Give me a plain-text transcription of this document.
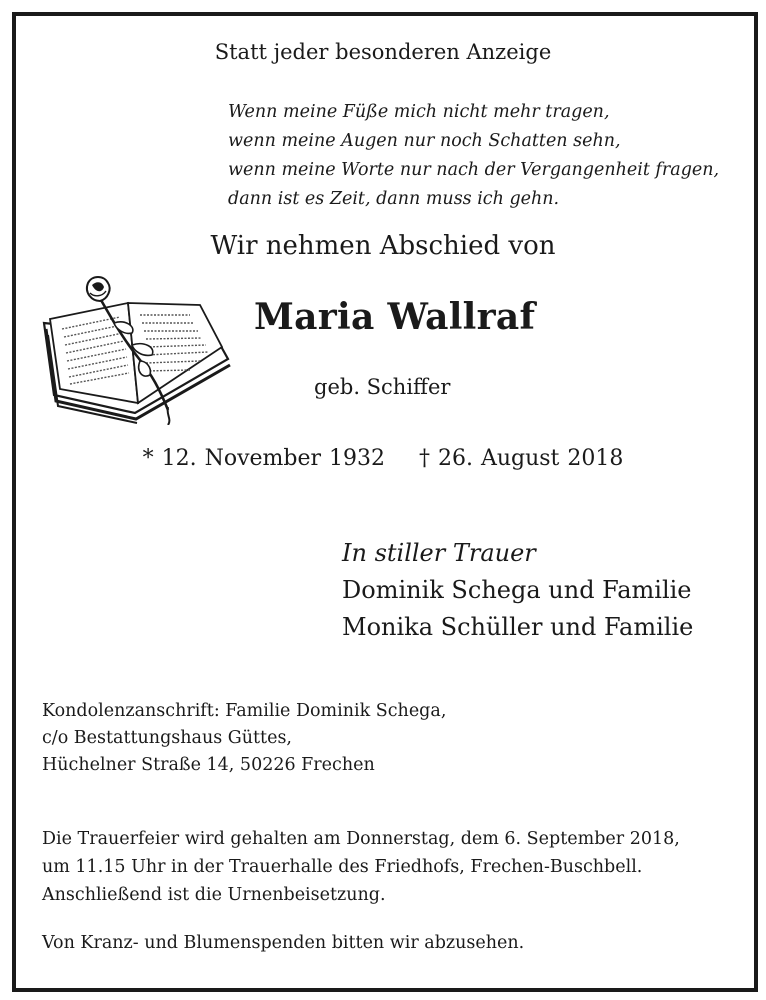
Statt jeder besonderen Anzeige

Wenn meine Füße mich nicht mehr tragen,
wenn meine Augen nur noch Schatten sehn,
wenn meine Worte nur nach der Vergangenheit fragen,
dann ist es Zeit, dann muss ich gehn.

Wir nehmen Abschied von

Maria Wallraf

geb. Schiffer

* 12. November 1932 † 26. August 2018

In stiller Trauer
Dominik Schega und Familie
Monika Schüller und Familie
Kondolenzanschrift: Familie Dominik Schega,
c/o Bestattungshaus Güttes,
Hüchelner Straße 14, 50226 Frechen
Die Trauerfeier wird gehalten am Donnerstag, dem 6. September 2018,
um 11.15 Uhr in der Trauerhalle des Friedhofs, Frechen-Buschbell.
Anschließend ist die Urnenbeisetzung.

Von Kranz- und Blumenspenden bitten wir abzusehen.
